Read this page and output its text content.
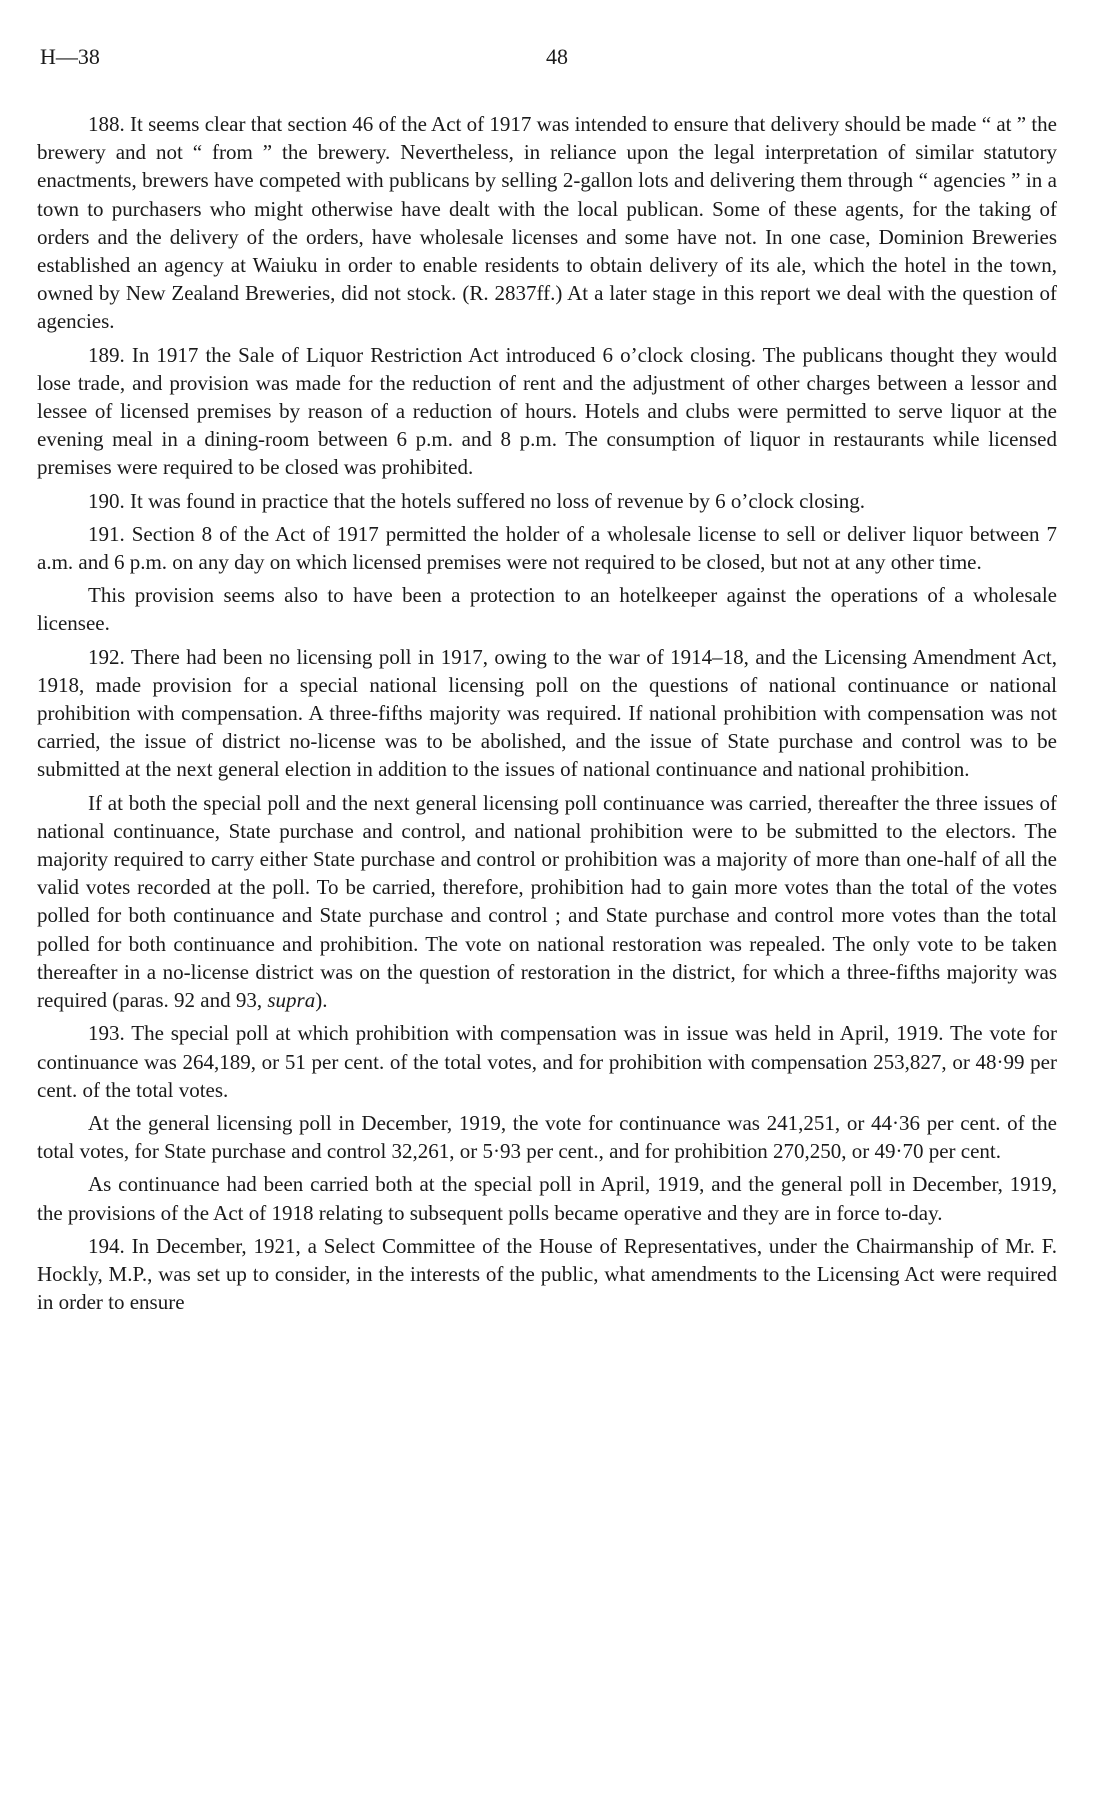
H—38	48

188. It seems clear that section 46 of the Act of 1917 was intended to ensure that delivery should be made “ at ” the brewery and not “ from ” the brewery. Nevertheless, in reliance upon the legal interpretation of similar statutory enactments, brewers have competed with publicans by selling 2-gallon lots and delivering them through “ agencies ” in a town to purchasers who might otherwise have dealt with the local publican. Some of these agents, for the taking of orders and the delivery of the orders, have wholesale licenses and some have not. In one case, Dominion Breweries established an agency at Waiuku in order to enable residents to obtain delivery of its ale, which the hotel in the town, owned by New Zealand Breweries, did not stock. (R. 2837ff.) At a later stage in this report we deal with the question of agencies.

189. In 1917 the Sale of Liquor Restriction Act introduced 6 o’clock closing. The publicans thought they would lose trade, and provision was made for the reduction of rent and the adjustment of other charges between a lessor and lessee of licensed premises by reason of a reduction of hours. Hotels and clubs were permitted to serve liquor at the evening meal in a dining-room between 6 p.m. and 8 p.m. The consumption of liquor in restaurants while licensed premises were required to be closed was prohibited.

190. It was found in practice that the hotels suffered no loss of revenue by 6 o’clock closing.

191. Section 8 of the Act of 1917 permitted the holder of a wholesale license to sell or deliver liquor between 7 a.m. and 6 p.m. on any day on which licensed premises were not required to be closed, but not at any other time.

This provision seems also to have been a protection to an hotelkeeper against the operations of a wholesale licensee.

192. There had been no licensing poll in 1917, owing to the war of 1914–18, and the Licensing Amendment Act, 1918, made provision for a special national licensing poll on the questions of national continuance or national prohibition with compensation. A three-fifths majority was required. If national prohibition with compensation was not carried, the issue of district no-license was to be abolished, and the issue of State purchase and control was to be submitted at the next general election in addition to the issues of national continuance and national prohibition.

If at both the special poll and the next general licensing poll continuance was carried, thereafter the three issues of national continuance, State purchase and control, and national prohibition were to be submitted to the electors. The majority required to carry either State purchase and control or prohibition was a majority of more than one-half of all the valid votes recorded at the poll. To be carried, therefore, prohibition had to gain more votes than the total of the votes polled for both continuance and State purchase and control ; and State purchase and control more votes than the total polled for both continuance and prohibition. The vote on national restoration was repealed. The only vote to be taken thereafter in a no-license district was on the question of restoration in the district, for which a three-fifths majority was required (paras. 92 and 93, supra).

193. The special poll at which prohibition with compensation was in issue was held in April, 1919. The vote for continuance was 264,189, or 51 per cent. of the total votes, and for prohibition with compensation 253,827, or 48·99 per cent. of the total votes.

At the general licensing poll in December, 1919, the vote for continuance was 241,251, or 44·36 per cent. of the total votes, for State purchase and control 32,261, or 5·93 per cent., and for prohibition 270,250, or 49·70 per cent.

As continuance had been carried both at the special poll in April, 1919, and the general poll in December, 1919, the provisions of the Act of 1918 relating to subsequent polls became operative and they are in force to-day.

194. In December, 1921, a Select Committee of the House of Representatives, under the Chairmanship of Mr. F. Hockly, M.P., was set up to consider, in the interests of the public, what amendments to the Licensing Act were required in order to ensure
